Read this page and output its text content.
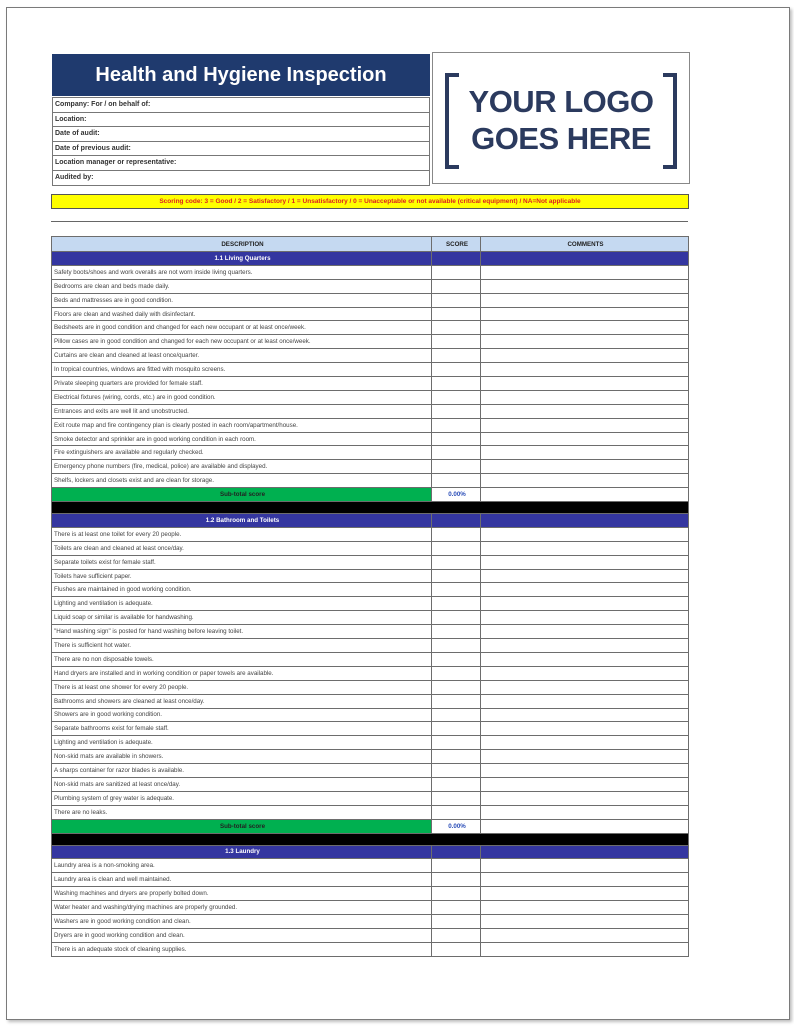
Health and Hygiene Inspection
YOUR LOGO
GOES HERE
Company: For / on behalf of:
Location:
Date of audit:
Date of previous audit:
Location manager or representative:
Audited by:
Scoring code: 3 = Good / 2 = Satisfactory / 1 = Unsatisfactory / 0 = Unacceptable or not available (critical equipment) / NA=Not applicable
DESCRIPTION	SCORE	COMMENTS
1.1 Living Quarters		
Safety boots/shoes and work overalls are not worn inside living quarters.		
Bedrooms are clean and beds made daily.		
Beds and mattresses are in good condition.		
Floors are clean and washed daily with disinfectant.		
Bedsheets are in good condition and changed for each new occupant or at least once/week.		
Pillow cases are in good condition and changed for each new occupant or at least once/week.		
Curtains are clean and cleaned at least once/quarter.		
In tropical countries, windows are fitted with mosquito screens.		
Private sleeping quarters are provided for female staff.		
Electrical fixtures (wiring, cords, etc.) are in good condition.		
Entrances and exits are well lit and unobstructed.		
Exit route map and fire contingency plan is clearly posted in each room/apartment/house.		
Smoke detector and sprinkler are in good working condition in each room.		
Fire extinguishers are available and regularly checked.		
Emergency phone numbers (fire, medical, police) are available and displayed.		
Shelfs, lockers and closets exist and are clean for storage.		
Sub-total score	0.00%	

1.2 Bathroom and Toilets		
There is at least one toilet for every 20 people.		
Toilets are clean and cleaned at least once/day.		
Separate toilets exist for female staff.		
Toilets have sufficient paper.		
Flushes are maintained in good working condition.		
Lighting and ventilation is adequate.		
Liquid soap or similar is available for handwashing.		
"Hand washing sign" is posted for hand washing before leaving toilet.		
There is sufficient hot water.		
There are no non disposable towels.		
Hand dryers are installed and in working condition or paper towels are available.		
There is at least one shower for every 20 people.		
Bathrooms and showers are cleaned at least once/day.		
Showers are in good working condition.		
Separate bathrooms exist for female staff.		
Lighting and ventilation is adequate.		
Non-skid mats are available in showers.		
A sharps container for razor blades is available.		
Non-skid mats are sanitized at least once/day.		
Plumbing system of grey water is adequate.		
There are no leaks.		
Sub-total score	0.00%	

1.3 Laundry		
Laundry area is a non-smoking area.		
Laundry area is clean and well maintained.		
Washing machines and dryers are properly bolted down.		
Water heater and washing/drying machines are properly grounded.		
Washers are in good working condition and clean.		
Dryers are in good working condition and clean.		
There is an adequate stock of cleaning supplies.		
